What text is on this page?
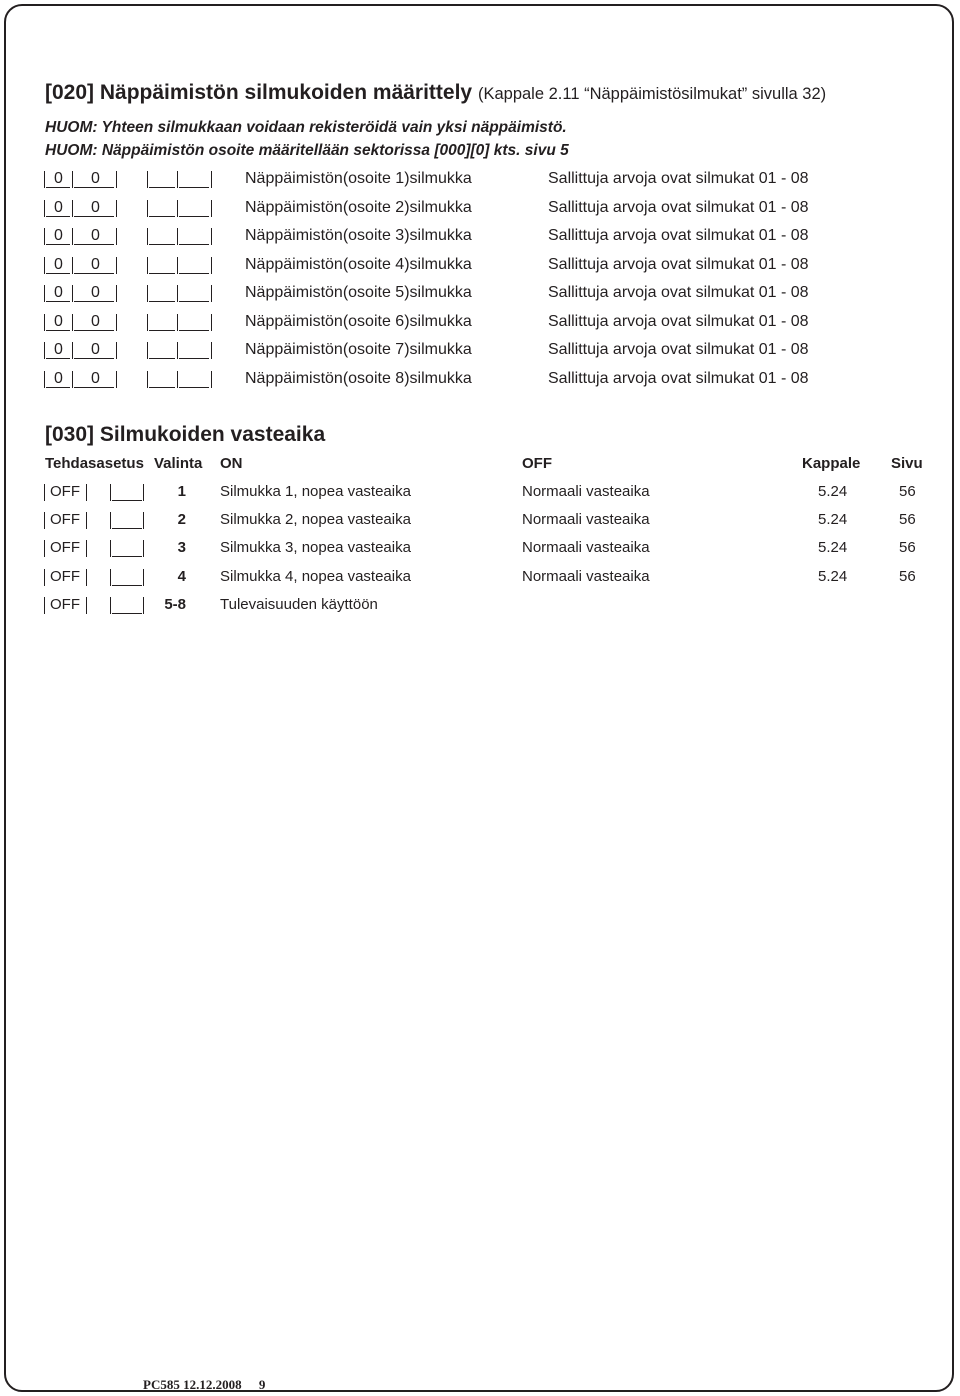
[020] Näppäimistön silmukoiden määrittely (Kappale 2.11 “Näppäimistösilmukat” sivulla 32)
HUOM: Yhteen silmukkaan voidaan rekisteröidä vain yksi näppäimistö.
HUOM: Näppäimistön osoite määritellään sektorissa [000][0] kts. sivu 5
0 0	Näppäimistön(osoite 1)silmukka	Sallittuja arvoja ovat silmukat 01 - 08
0 0	Näppäimistön(osoite 2)silmukka	Sallittuja arvoja ovat silmukat 01 - 08
0 0	Näppäimistön(osoite 3)silmukka	Sallittuja arvoja ovat silmukat 01 - 08
0 0	Näppäimistön(osoite 4)silmukka	Sallittuja arvoja ovat silmukat 01 - 08
0 0	Näppäimistön(osoite 5)silmukka	Sallittuja arvoja ovat silmukat 01 - 08
0 0	Näppäimistön(osoite 6)silmukka	Sallittuja arvoja ovat silmukat 01 - 08
0 0	Näppäimistön(osoite 7)silmukka	Sallittuja arvoja ovat silmukat 01 - 08
0 0	Näppäimistön(osoite 8)silmukka	Sallittuja arvoja ovat silmukat 01 - 08
[030] Silmukoiden vasteaika
Tehdasasetus Valinta ON	OFF	Kappale Sivu
OFF	1 Silmukka 1, nopea vasteaika	Normaali vasteaika	5.24	56
OFF	2 Silmukka 2, nopea vasteaika	Normaali vasteaika	5.24	56
OFF	3 Silmukka 3, nopea vasteaika	Normaali vasteaika	5.24	56
OFF	4 Silmukka 4, nopea vasteaika	Normaali vasteaika	5.24	56
OFF	5-8 Tulevaisuuden käyttöön
PC585 12.12.2008 9
